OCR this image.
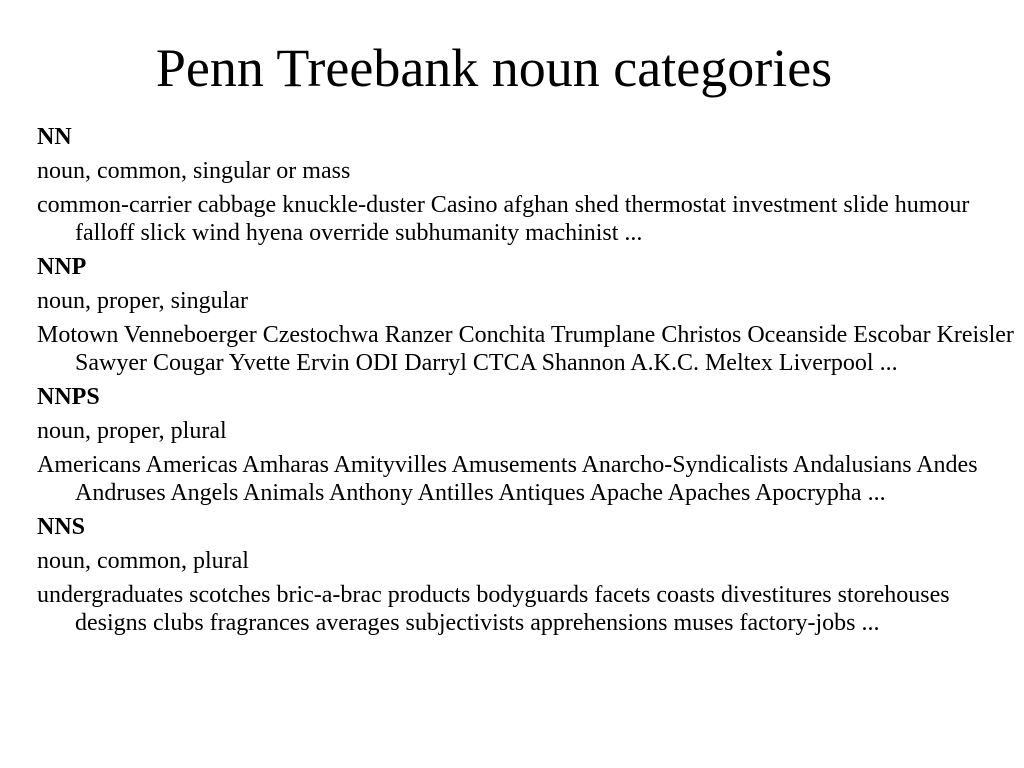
Penn Treebank noun categories

NN

noun, common, singular or mass

common-carrier cabbage knuckle-duster Casino afghan shed thermostat investment slide humour falloff slick wind hyena override subhumanity machinist ...

NNP

noun, proper, singular

Motown Venneboerger Czestochwa Ranzer Conchita Trumplane Christos Oceanside Escobar Kreisler Sawyer Cougar Yvette Ervin ODI Darryl CTCA Shannon A.K.C. Meltex Liverpool ...

NNPS

noun, proper, plural

Americans Americas Amharas Amityvilles Amusements Anarcho-Syndicalists Andalusians Andes Andruses Angels Animals Anthony Antilles Antiques Apache Apaches Apocrypha ...

NNS

noun, common, plural

undergraduates scotches bric-a-brac products bodyguards facets coasts divestitures storehouses designs clubs fragrances averages subjectivists apprehensions muses factory-jobs ...
